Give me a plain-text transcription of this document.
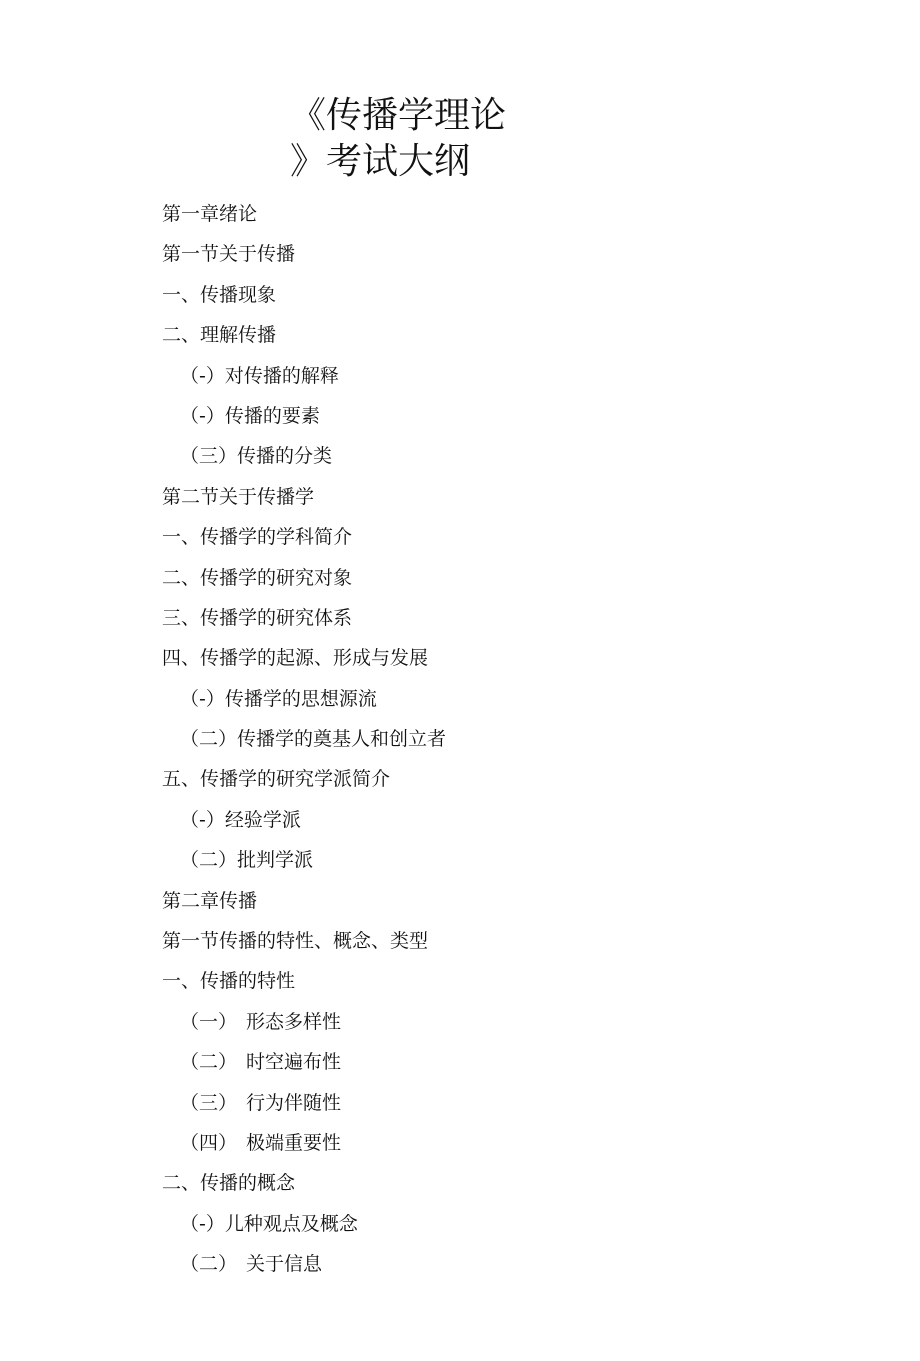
《传播学理论
》考试大纲
第一章绪论
第一节关于传播
一、传播现象
二、理解传播
（-）对传播的解释
（-）传播的要素
（三）传播的分类
第二节关于传播学
一、传播学的学科简介
二、传播学的研究对象
三、传播学的研究体系
四、传播学的起源、形成与发展
（-）传播学的思想源流
（二）传播学的奠基人和创立者
五、传播学的研究学派简介
（-）经验学派
（二）批判学派
第二章传播
第一节传播的特性、概念、类型
一、传播的特性
（一） 形态多样性
（二） 时空遍布性
（三） 行为伴随性
（四） 极端重要性
二、传播的概念
（-）儿种观点及概念
（二） 关于信息
